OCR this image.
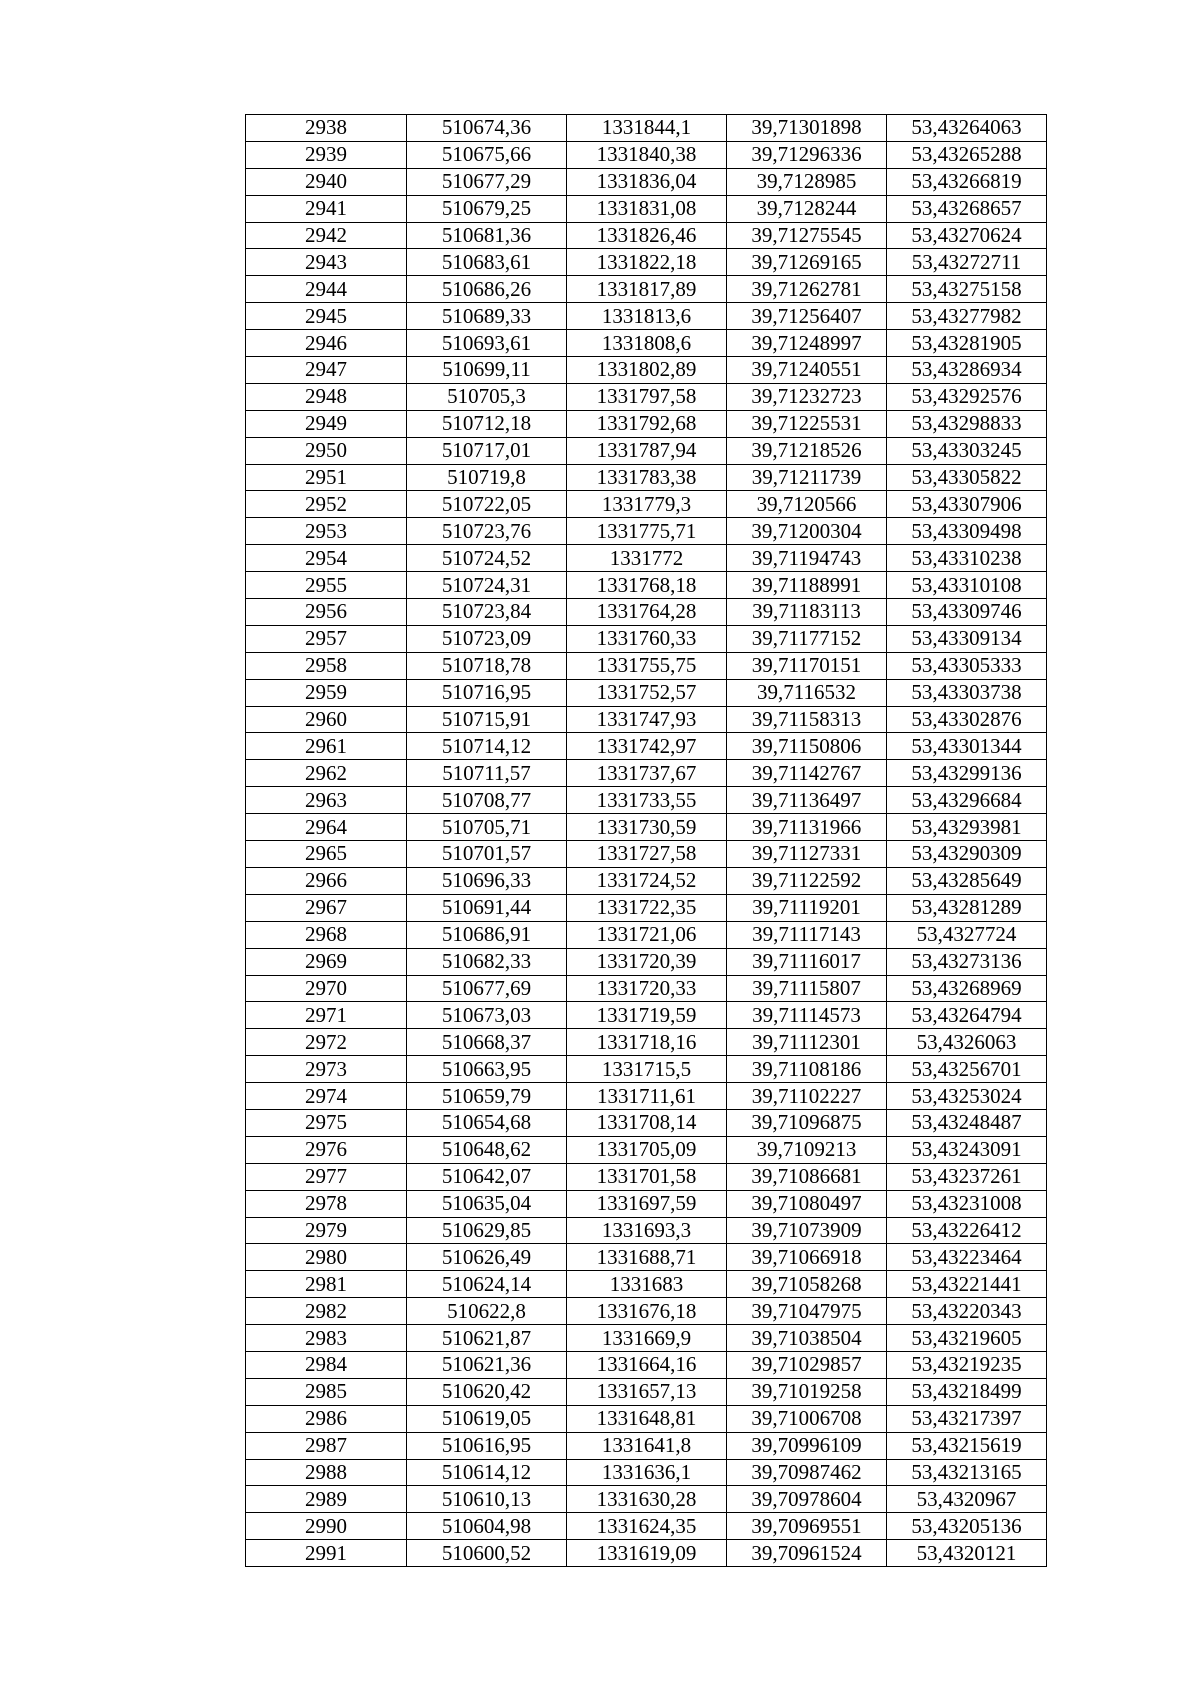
2938	510674,36	1331844,1	39,71301898	53,43264063
2939	510675,66	1331840,38	39,71296336	53,43265288
2940	510677,29	1331836,04	39,7128985	53,43266819
2941	510679,25	1331831,08	39,7128244	53,43268657
2942	510681,36	1331826,46	39,71275545	53,43270624
2943	510683,61	1331822,18	39,71269165	53,43272711
2944	510686,26	1331817,89	39,71262781	53,43275158
2945	510689,33	1331813,6	39,71256407	53,43277982
2946	510693,61	1331808,6	39,71248997	53,43281905
2947	510699,11	1331802,89	39,71240551	53,43286934
2948	510705,3	1331797,58	39,71232723	53,43292576
2949	510712,18	1331792,68	39,71225531	53,43298833
2950	510717,01	1331787,94	39,71218526	53,43303245
2951	510719,8	1331783,38	39,71211739	53,43305822
2952	510722,05	1331779,3	39,7120566	53,43307906
2953	510723,76	1331775,71	39,71200304	53,43309498
2954	510724,52	1331772	39,71194743	53,43310238
2955	510724,31	1331768,18	39,71188991	53,43310108
2956	510723,84	1331764,28	39,71183113	53,43309746
2957	510723,09	1331760,33	39,71177152	53,43309134
2958	510718,78	1331755,75	39,71170151	53,43305333
2959	510716,95	1331752,57	39,7116532	53,43303738
2960	510715,91	1331747,93	39,71158313	53,43302876
2961	510714,12	1331742,97	39,71150806	53,43301344
2962	510711,57	1331737,67	39,71142767	53,43299136
2963	510708,77	1331733,55	39,71136497	53,43296684
2964	510705,71	1331730,59	39,71131966	53,43293981
2965	510701,57	1331727,58	39,71127331	53,43290309
2966	510696,33	1331724,52	39,71122592	53,43285649
2967	510691,44	1331722,35	39,71119201	53,43281289
2968	510686,91	1331721,06	39,71117143	53,4327724
2969	510682,33	1331720,39	39,71116017	53,43273136
2970	510677,69	1331720,33	39,71115807	53,43268969
2971	510673,03	1331719,59	39,71114573	53,43264794
2972	510668,37	1331718,16	39,71112301	53,4326063
2973	510663,95	1331715,5	39,71108186	53,43256701
2974	510659,79	1331711,61	39,71102227	53,43253024
2975	510654,68	1331708,14	39,71096875	53,43248487
2976	510648,62	1331705,09	39,7109213	53,43243091
2977	510642,07	1331701,58	39,71086681	53,43237261
2978	510635,04	1331697,59	39,71080497	53,43231008
2979	510629,85	1331693,3	39,71073909	53,43226412
2980	510626,49	1331688,71	39,71066918	53,43223464
2981	510624,14	1331683	39,71058268	53,43221441
2982	510622,8	1331676,18	39,71047975	53,43220343
2983	510621,87	1331669,9	39,71038504	53,43219605
2984	510621,36	1331664,16	39,71029857	53,43219235
2985	510620,42	1331657,13	39,71019258	53,43218499
2986	510619,05	1331648,81	39,71006708	53,43217397
2987	510616,95	1331641,8	39,70996109	53,43215619
2988	510614,12	1331636,1	39,70987462	53,43213165
2989	510610,13	1331630,28	39,70978604	53,4320967
2990	510604,98	1331624,35	39,70969551	53,43205136
2991	510600,52	1331619,09	39,70961524	53,4320121
